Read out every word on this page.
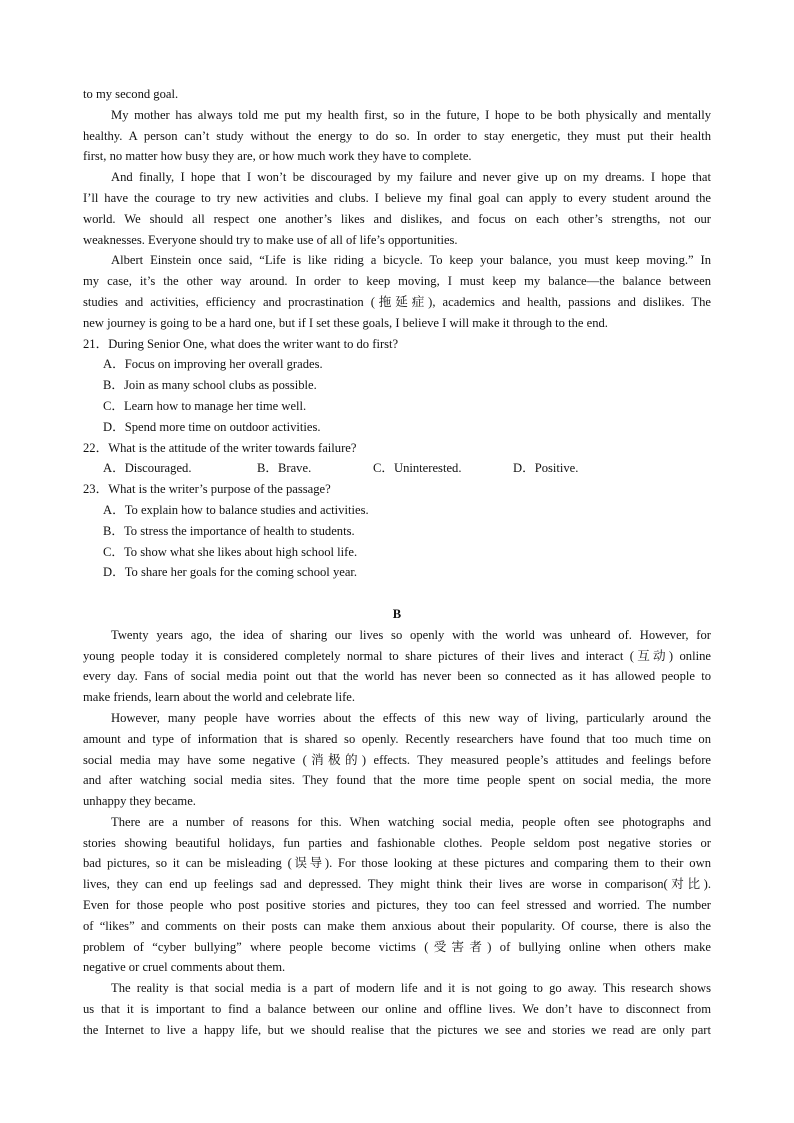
to my second goal.
My mother has always told me put my health first, so in the future, I hope to be both physically and mentally
healthy. A person can’t study without the energy to do so. In order to stay energetic, they must put their health
first, no matter how busy they are, or how much work they have to complete.
And finally, I hope that I won’t be discouraged by my failure and never give up on my dreams. I hope that
I’ll have the courage to try new activities and clubs. I believe my final goal can apply to every student around the
world. We should all respect one another’s likes and dislikes, and focus on each other’s strengths, not our
weaknesses. Everyone should try to make use of all of life’s opportunities.
Albert Einstein once said, “Life is like riding a bicycle. To keep your balance, you must keep moving.” In
my case, it’s the other way around. In order to keep moving, I must keep my balance—the balance between
studies and activities, efficiency and procrastination (拖延症), academics and health, passions and dislikes. The
new journey is going to be a hard one, but if I set these goals, I believe I will make it through to the end.
21．During Senior One, what does the writer want to do first?
A．Focus on improving her overall grades.
B．Join as many school clubs as possible.
C．Learn how to manage her time well.
D．Spend more time on outdoor activities.
22．What is the attitude of the writer towards failure?
A．Discouraged.	B．Brave.	C．Uninterested.	D．Positive.
23．What is the writer’s purpose of the passage?
A．To explain how to balance studies and activities.
B．To stress the importance of health to students.
C．To show what she likes about high school life.
D．To share her goals for the coming school year.
B
Twenty years ago, the idea of sharing our lives so openly with the world was unheard of. However, for
young people today it is considered completely normal to share pictures of their lives and interact (互动) online
every day. Fans of social media point out that the world has never been so connected as it has allowed people to
make friends, learn about the world and celebrate life.
However, many people have worries about the effects of this new way of living, particularly around the
amount and type of information that is shared so openly. Recently researchers have found that too much time on
social media may have some negative (消极的) effects. They measured people’s attitudes and feelings before
and after watching social media sites. They found that the more time people spent on social media, the more
unhappy they became.
There are a number of reasons for this. When watching social media, people often see photographs and
stories showing beautiful holidays, fun parties and fashionable clothes. People seldom post negative stories or
bad pictures, so it can be misleading (误导). For those looking at these pictures and comparing them to their own
lives, they can end up feelings sad and depressed. They might think their lives are worse in comparison(对比).
Even for those people who post positive stories and pictures, they too can feel stressed and worried. The number
of “likes” and comments on their posts can make them anxious about their popularity. Of course, there is also the
problem of “cyber bullying” where people become victims (受害者) of bullying online when others make
negative or cruel comments about them.
The reality is that social media is a part of modern life and it is not going to go away. This research shows
us that it is important to find a balance between our online and offline lives. We don’t have to disconnect from
the Internet to live a happy life, but we should realise that the pictures we see and stories we read are only part
